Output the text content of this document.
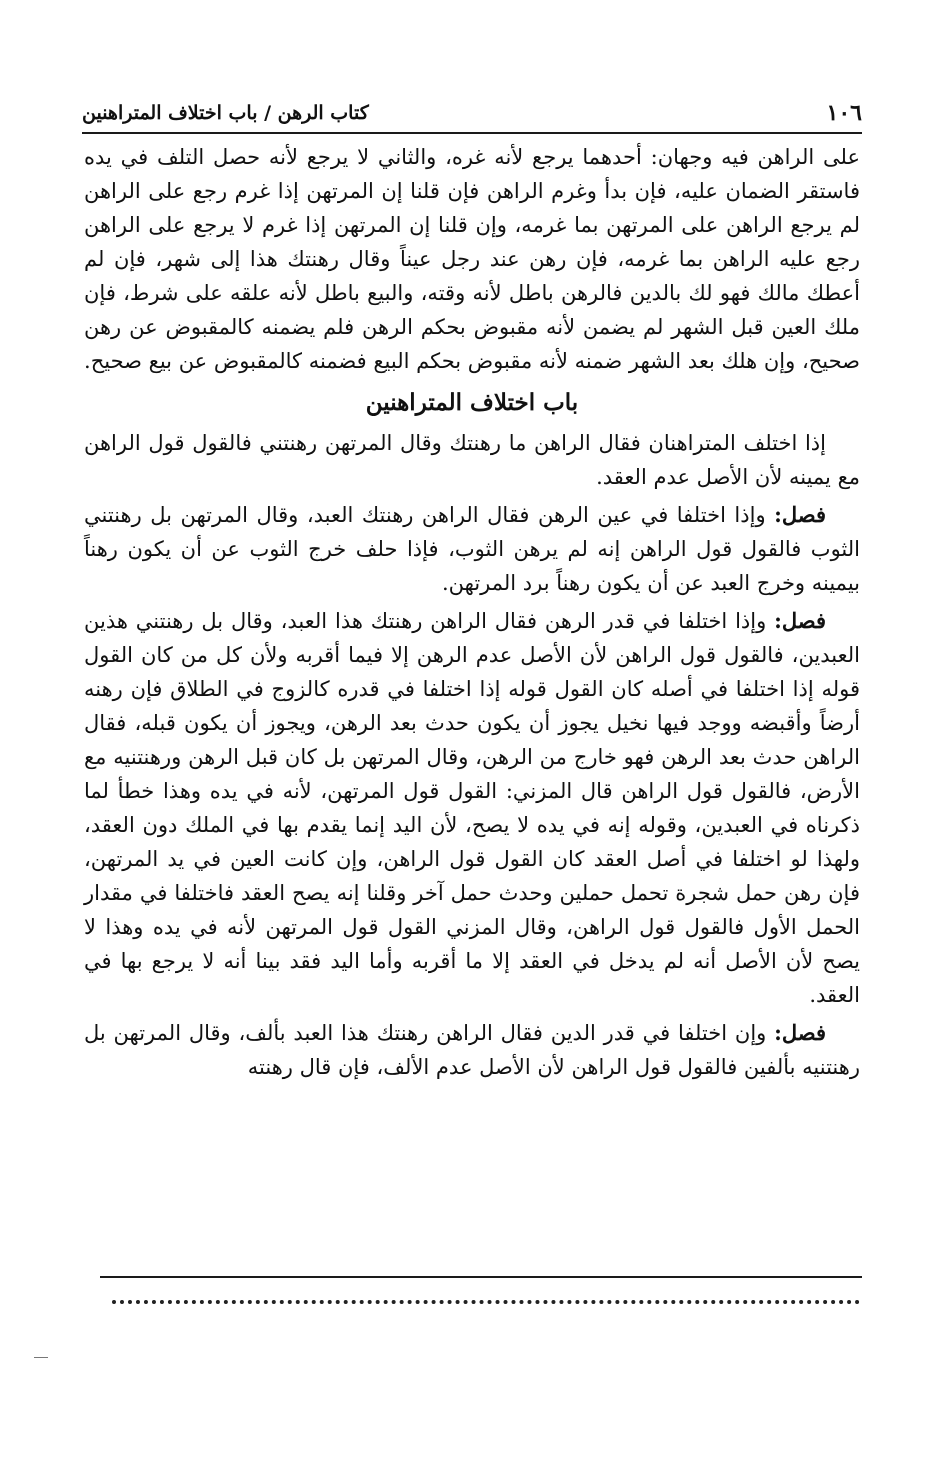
١٠٦
كتاب الرهن / باب اختلاف المتراهنين

على الراهن فيه وجهان: أحدهما يرجع لأنه غره، والثاني لا يرجع لأنه حصل التلف في يده فاستقر الضمان عليه، فإن بدأ وغرم الراهن فإن قلنا إن المرتهن إذا غرم رجع على الراهن لم يرجع الراهن على المرتهن بما غرمه، وإن قلنا إن المرتهن إذا غرم لا يرجع على الراهن رجع عليه الراهن بما غرمه، فإن رهن عند رجل عيناً وقال رهنتك هذا إلى شهر، فإن لم أعطك مالك فهو لك بالدين فالرهن باطل لأنه وقته، والبيع باطل لأنه علقه على شرط، فإن ملك العين قبل الشهر لم يضمن لأنه مقبوض بحكم الرهن فلم يضمنه كالمقبوض عن رهن صحيح، وإن هلك بعد الشهر ضمنه لأنه مقبوض بحكم البيع فضمنه كالمقبوض عن بيع صحيح.

باب اختلاف المتراهنين

إذا اختلف المتراهنان فقال الراهن ما رهنتك وقال المرتهن رهنتني فالقول قول الراهن مع يمينه لأن الأصل عدم العقد.

فصل: وإذا اختلفا في عين الرهن فقال الراهن رهنتك العبد، وقال المرتهن بل رهنتني الثوب فالقول قول الراهن إنه لم يرهن الثوب، فإذا حلف خرج الثوب عن أن يكون رهناً بيمينه وخرج العبد عن أن يكون رهناً برد المرتهن.

فصل: وإذا اختلفا في قدر الرهن فقال الراهن رهنتك هذا العبد، وقال بل رهنتني هذين العبدين، فالقول قول الراهن لأن الأصل عدم الرهن إلا فيما أقربه ولأن كل من كان القول قوله إذا اختلفا في أصله كان القول قوله إذا اختلفا في قدره كالزوج في الطلاق فإن رهنه أرضاً وأقبضه ووجد فيها نخيل يجوز أن يكون حدث بعد الرهن، ويجوز أن يكون قبله، فقال الراهن حدث بعد الرهن فهو خارج من الرهن، وقال المرتهن بل كان قبل الرهن ورهنتنيه مع الأرض، فالقول قول الراهن قال المزني: القول قول المرتهن، لأنه في يده وهذا خطأ لما ذكرناه في العبدين، وقوله إنه في يده لا يصح، لأن اليد إنما يقدم بها في الملك دون العقد، ولهذا لو اختلفا في أصل العقد كان القول قول الراهن، وإن كانت العين في يد المرتهن، فإن رهن حمل شجرة تحمل حملين وحدث حمل آخر وقلنا إنه يصح العقد فاختلفا في مقدار الحمل الأول فالقول قول الراهن، وقال المزني القول قول المرتهن لأنه في يده وهذا لا يصح لأن الأصل أنه لم يدخل في العقد إلا ما أقربه وأما اليد فقد بينا أنه لا يرجع بها في العقد.

فصل: وإن اختلفا في قدر الدين فقال الراهن رهنتك هذا العبد بألف، وقال المرتهن بل رهنتنيه بألفين فالقول قول الراهن لأن الأصل عدم الألف، فإن قال رهنته
